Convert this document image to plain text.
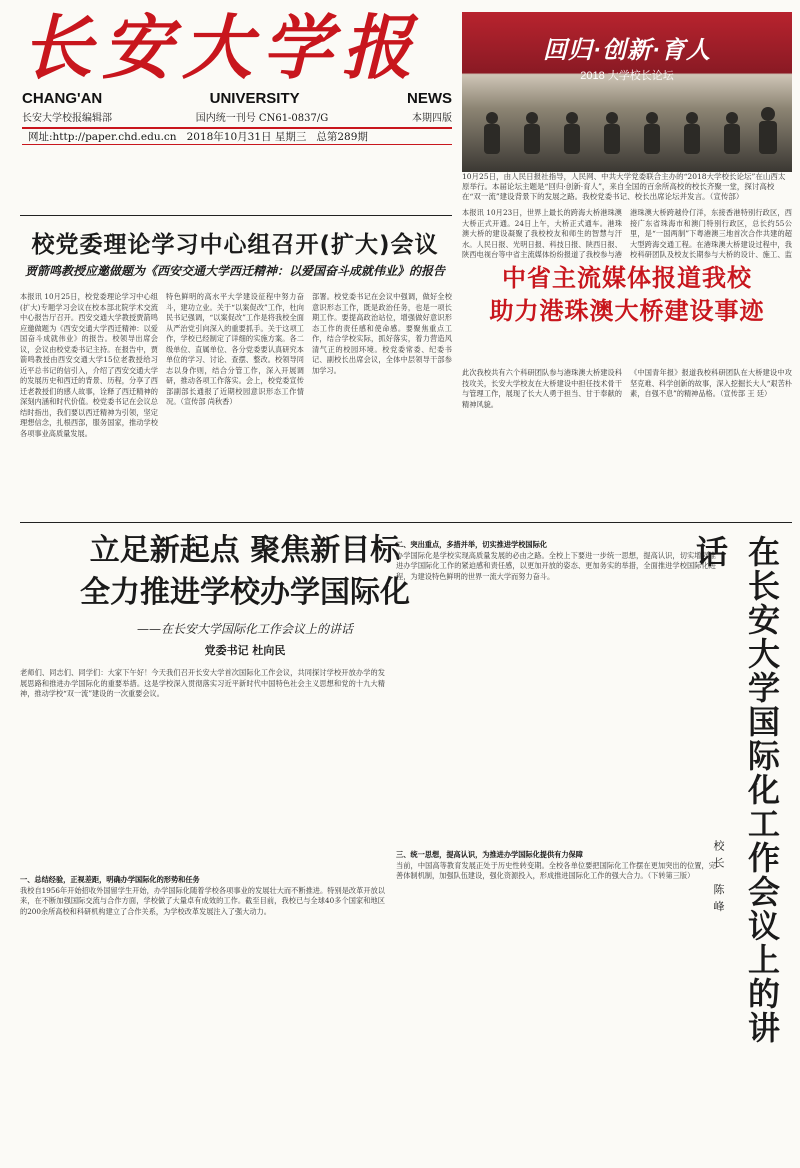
长安大学报
CHANG'AN	UNIVERSITY	NEWS
长安大学校报编辑部	国内统一刊号 CN61-0837/G	本期四版
网址:http://paper.chd.edu.cn 2018年10月31日 星期三 总第289期
回归·创新·育人
2018 大学校长论坛
10月25日，由人民日报社指导，人民网、中共大学党委联合主办的“2018大学校长论坛”在山西太原举行。本届论坛主题是“回归·创新·育人”，来自全国的百余所高校的校长齐聚一堂，探讨高校在“双一流”建设背景下的发展之路。我校党委书记、校长出席论坛并发言。（宣传部）
校党委理论学习中心组召开(扩大)会议
贾箭鸣教授应邀做题为《西安交通大学西迁精神：以爱国奋斗成就伟业》的报告
本报讯 10月25日，校党委理论学习中心组(扩大)专题学习会议在校本部北院学术交流中心报告厅召开。西安交通大学教授贾箭鸣应邀做题为《西安交通大学西迁精神：以爱国奋斗成就伟业》的报告。校领导出席会议，会议由校党委书记主持。在报告中，贾箭鸣教授由西安交通大学15位老教授给习近平总书记的信引入，介绍了西安交通大学的发展历史和西迁的背景、历程，分享了西迁老教授们的感人故事，诠释了西迁精神的深刻内涵和时代价值。校党委书记在会议总结时指出，我们要以西迁精神为引领，坚定理想信念，扎根西部，服务国家，推动学校各项事业高质量发展。
特色鲜明的高水平大学建设征程中努力奋斗，建功立业。关于“以案促改”工作，杜向民书记强调，“以案促改”工作是将我校全面从严治党引向深入的重要抓手。关于这项工作，学校已经制定了详细的实施方案。各二级单位、直属单位、各分党委要认真研究本单位的学习、讨论、查摆、整改。校领导同志以身作则，结合分管工作，深入开展调研，推动各项工作落实。会上，校党委宣传部副部长通报了近期校园意识形态工作情况。（宣传部 尚秋香）
部署。校党委书记在会议中强调，做好全校意识形态工作，既是政治任务，也是一项长期工作。要提高政治站位，增强做好意识形态工作的责任感和使命感。要聚焦重点工作，结合学校实际，抓好落实，着力营造风清气正的校园环境。校党委常委、纪委书记、副校长出席会议，全体中层领导干部参加学习。
本报讯 10月23日，世界上最长的跨海大桥港珠澳大桥正式开通。24日上午，大桥正式通车。港珠澳大桥的建设凝聚了我校校友和师生的智慧与汗水。人民日报、光明日报、科技日报、陕西日报、陕西电视台等中省主流媒体纷纷报道了我校参与港
港珠澳大桥跨越伶仃洋，东接香港特别行政区，西接广东省珠海市和澳门特别行政区，总长约55公里，是“一国两制”下粤港澳三地首次合作共建的超大型跨海交通工程。在港珠澳大桥建设过程中，我校科研团队及校友长期参与大桥的设计、施工、监
中省主流媒体报道我校
助力港珠澳大桥建设事迹
此次我校共有六个科研团队参与港珠澳大桥建设科技攻关，长安大学校友在大桥建设中担任技术骨干与管理工作，展现了长大人勇于担当、甘于奉献的精神风貌。
《中国青年报》报道我校科研团队在大桥建设中攻坚克难、科学创新的故事，深入挖掘长大人“艰苦朴素，自强不息”的精神品格。（宣传部 王 廷）
立足新起点 聚焦新目标
全力推进学校办学国际化
——在长安大学国际化工作会议上的讲话
党委书记 杜向民
老师们、同志们、同学们：大家下午好！今天我们召开长安大学首次国际化工作会议，共同探讨学校开放办学的发展思路和推进办学国际化的重要举措。这是学校深入贯彻落实习近平新时代中国特色社会主义思想和党的十九大精神，推动学校“双一流”建设的一次重要会议。
一、总结经验，正视差距，明确办学国际化的形势和任务
我校自1956年开始招收外国留学生开始，办学国际化随着学校各项事业的发展壮大而不断推进。特别是改革开放以来，在不断加强国际交流与合作方面，学校做了大量卓有成效的工作。截至目前，我校已与全球40多个国家和地区的200余所高校和科研机构建立了合作关系，为学校改革发展注入了强大动力。
二、突出重点，多措并举，切实推进学校国际化
办学国际化是学校实现高质量发展的必由之路。全校上下要进一步统一思想，提高认识，切实增强推进办学国际化工作的紧迫感和责任感，以更加开放的姿态、更加务实的举措，全面推进学校国际化进程，为建设特色鲜明的世界一流大学而努力奋斗。
三、统一思想，提高认识，为推进办学国际化提供有力保障
当前，中国高等教育发展正处于历史性转变期。全校各单位要把国际化工作摆在更加突出的位置，完善体制机制，加强队伍建设，强化资源投入，形成推进国际化工作的强大合力。（下转第三版）	在长安大学国际化工作会议上的讲话
校长 陈峰
